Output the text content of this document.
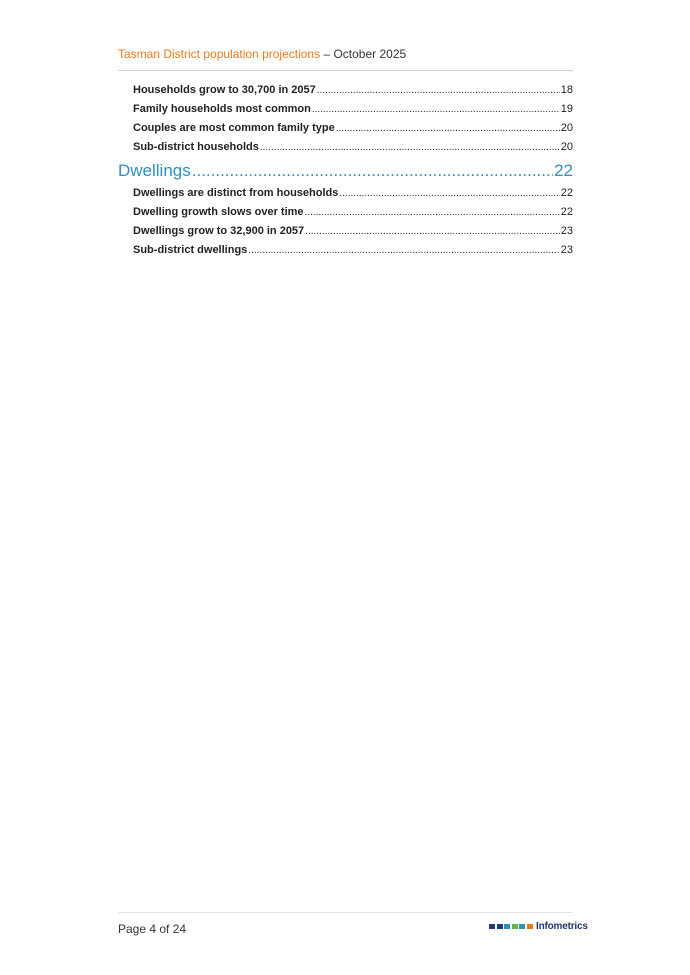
Tasman District population projections – October 2025
Households grow to 30,700 in 2057 .....	18
Family households most common .....	19
Couples are most common family type .....	20
Sub-district households .....	20
Dwellings .....	22
Dwellings are distinct from households .....	22
Dwelling growth slows over time .....	22
Dwellings grow to 32,900 in 2057 .....	23
Sub-district dwellings .....	23
Page 4 of 24	Infometrics
